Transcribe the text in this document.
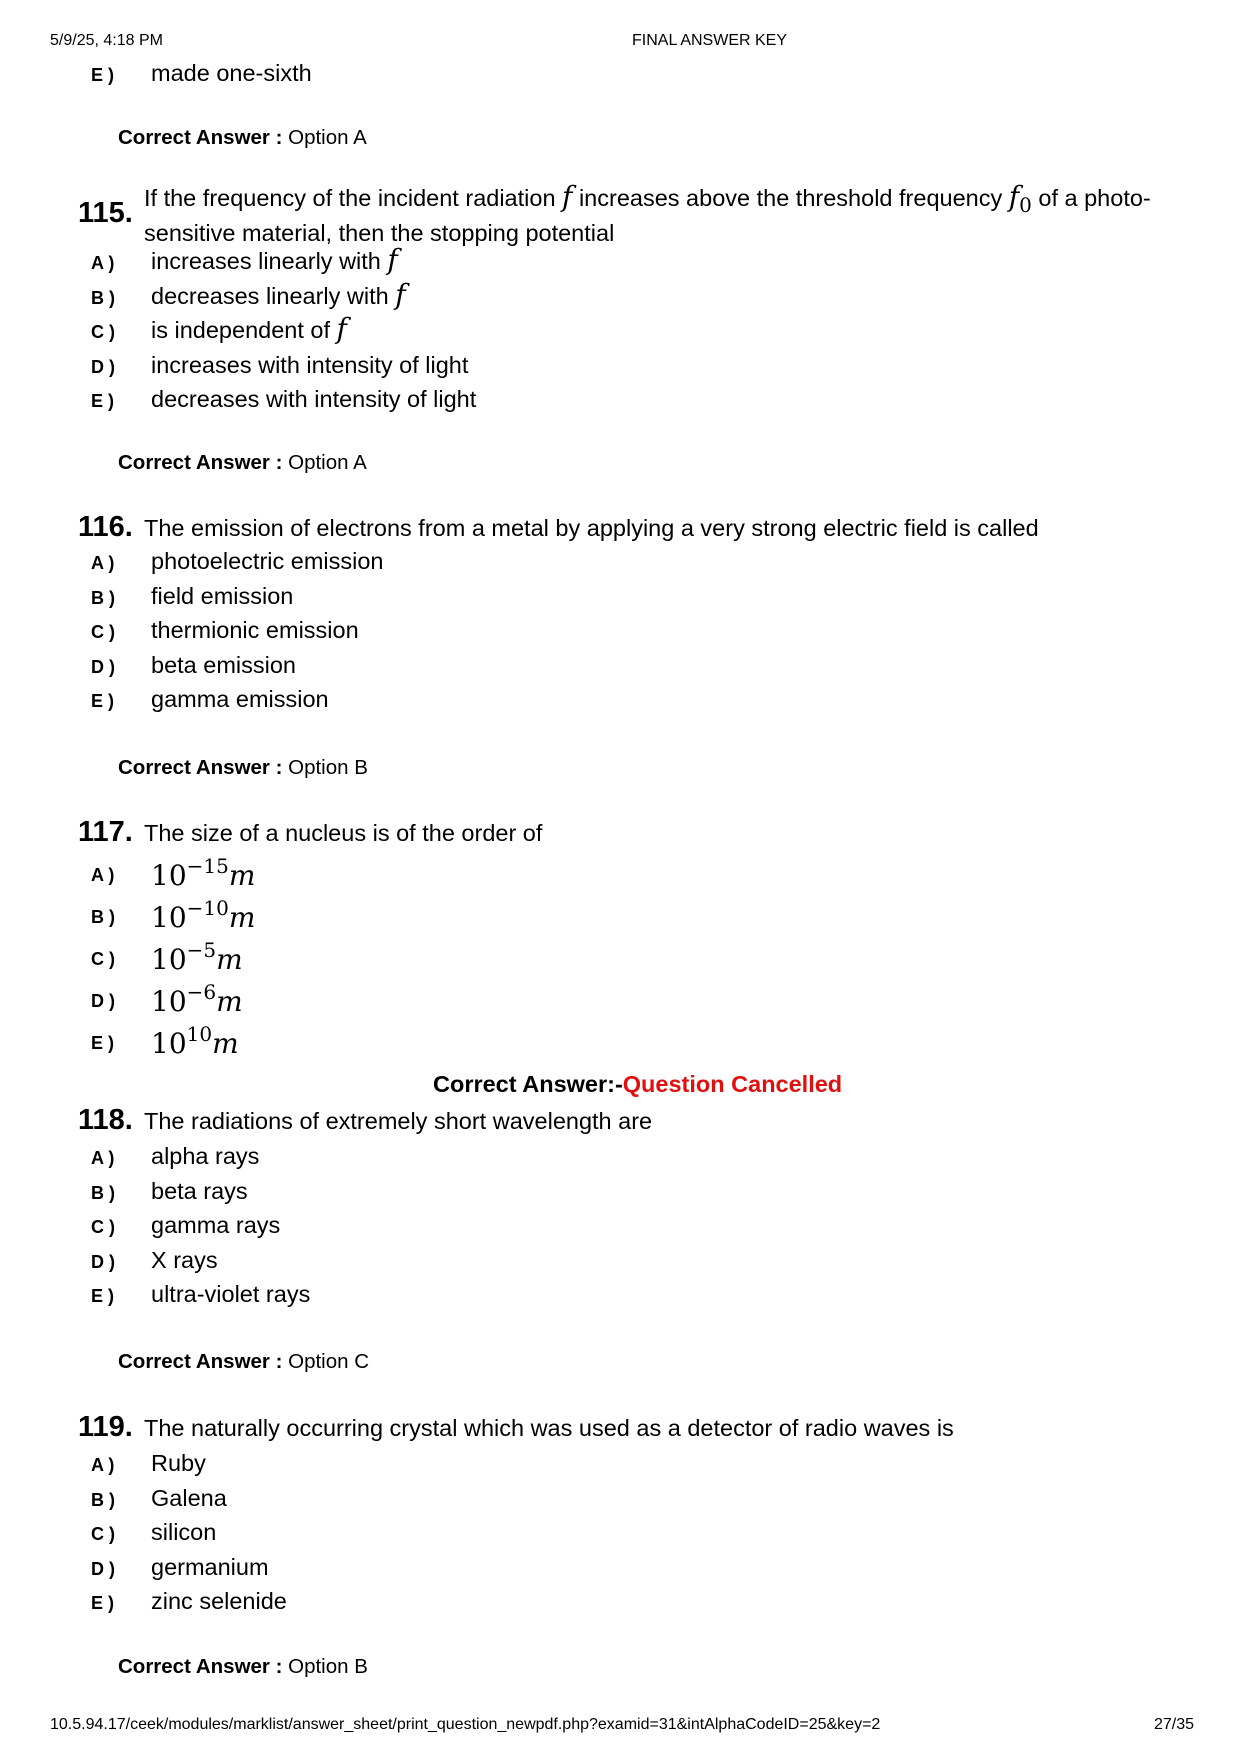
5/9/25, 4:18 PM	FINAL ANSWER KEY
E ) made one-sixth
Correct Answer : Option A
115. If the frequency of the incident radiation f increases above the threshold frequency f0 of a photo-sensitive material, then the stopping potential
A ) increases linearly with f
B ) decreases linearly with f
C ) is independent of f
D ) increases with intensity of light
E ) decreases with intensity of light
Correct Answer : Option A
116. The emission of electrons from a metal by applying a very strong electric field is called
A ) photoelectric emission
B ) field emission
C ) thermionic emission
D ) beta emission
E ) gamma emission
Correct Answer : Option B
117. The size of a nucleus is of the order of
A ) $10^{-15}m$
B ) $10^{-10}m$
C ) $10^{-5}m$
D ) $10^{-6}m$
E ) $10^{10}m$
Correct Answer:-Question Cancelled
118. The radiations of extremely short wavelength are
A ) alpha rays
B ) beta rays
C ) gamma rays
D ) X rays
E ) ultra-violet rays
Correct Answer : Option C
119. The naturally occurring crystal which was used as a detector of radio waves is
A ) Ruby
B ) Galena
C ) silicon
D ) germanium
E ) zinc selenide
Correct Answer : Option B
10.5.94.17/ceek/modules/marklist/answer_sheet/print_question_newpdf.php?examid=31&intAlphaCodeID=25&key=2	27/35
